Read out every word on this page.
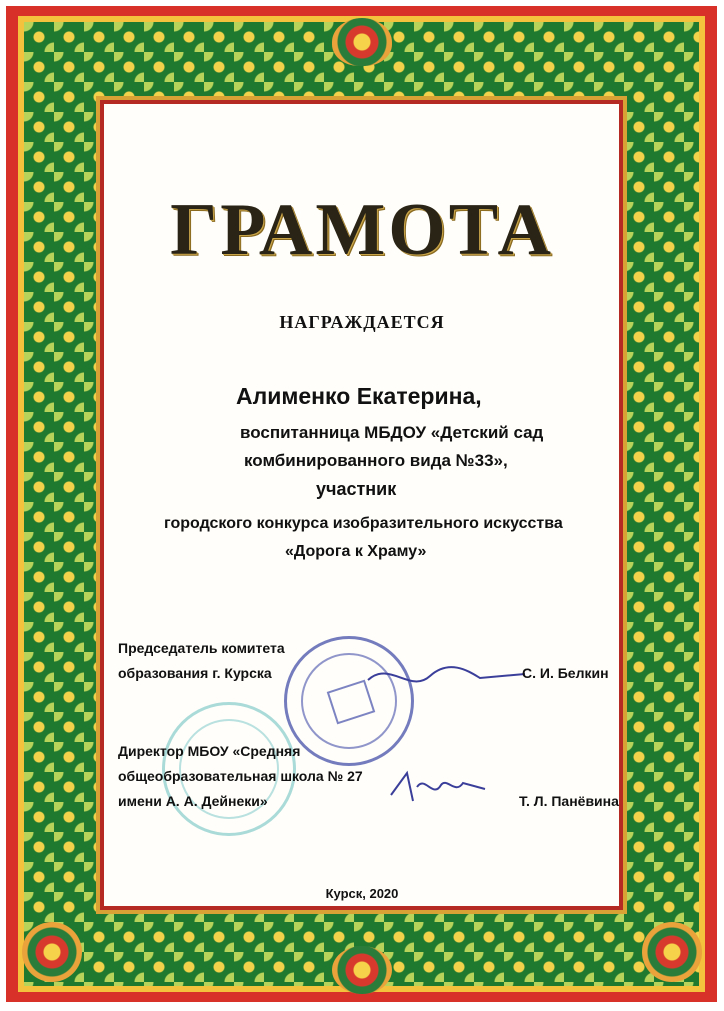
ГРАМОТА
НАГРАЖДАЕТСЯ
Алименко Екатерина,
воспитанница МБДОУ «Детский сад
комбинированного вида №33»,
участник
городского конкурса изобразительного искусства
«Дорога к Храму»
Председатель комитета
образования г. Курска	С. И. Белкин
Директор МБОУ «Средняя
общеобразовательная школа № 27
имени А. А. Дейнеки»	Т. Л. Панёвина
Курск, 2020
